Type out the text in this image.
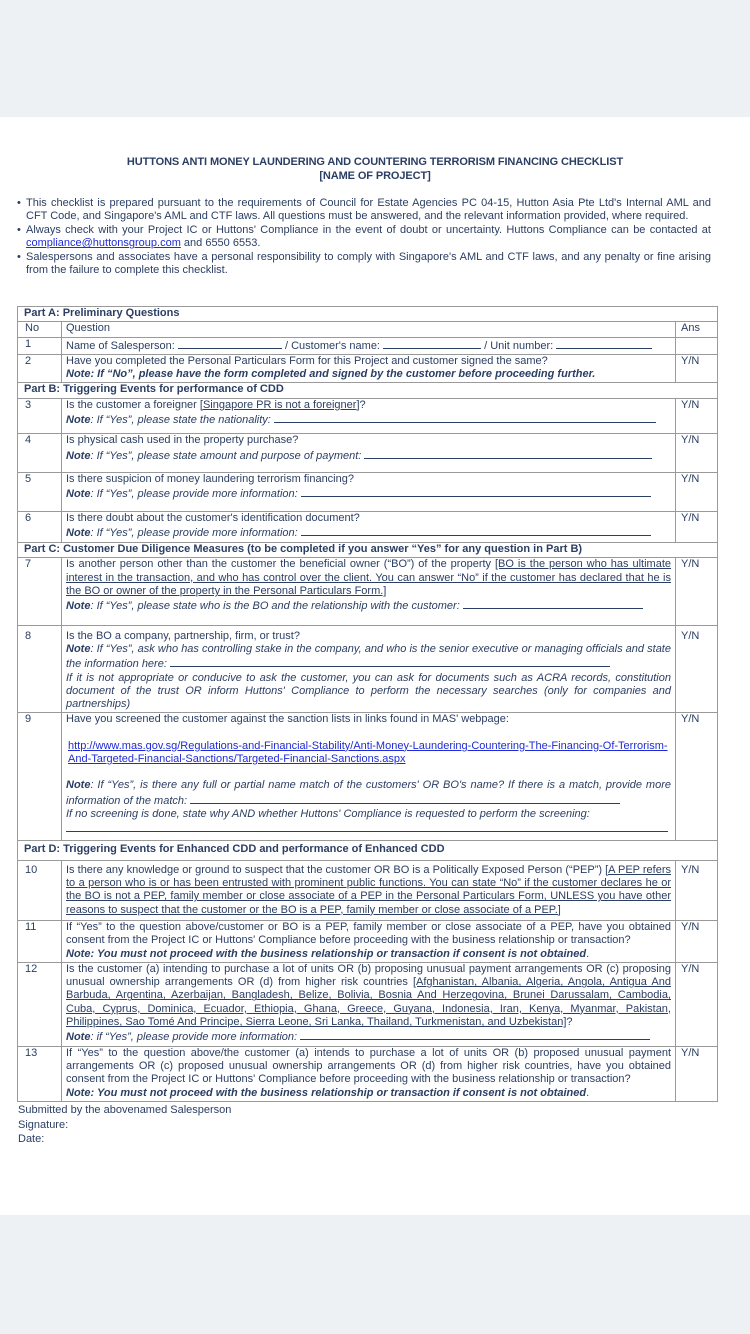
HUTTONS ANTI MONEY LAUNDERING AND COUNTERING TERRORISM FINANCING CHECKLIST
[NAME OF PROJECT]
• This checklist is prepared pursuant to the requirements of Council for Estate Agencies PC 04-15, Hutton Asia Pte Ltd's Internal AML and CFT Code, and Singapore's AML and CTF laws. All questions must be answered, and the relevant information provided, where required.
• Always check with your Project IC or Huttons' Compliance in the event of doubt or uncertainty. Huttons Compliance can be contacted at compliance@huttonsgroup.com and 6550 6553.
• Salespersons and associates have a personal responsibility to comply with Singapore's AML and CTF laws, and any penalty or fine arising from the failure to complete this checklist.
Part A: Preliminary Questions		
No	Question	Ans
1	Name of Salesperson: / Customer's name: / Unit number:	
2	Have you completed the Personal Particulars Form for this Project and customer signed the same?
Note: If “No”, please have the form completed and signed by the customer before proceeding further.	Y/N
Part B: Triggering Events for performance of CDD		
3	Is the customer a foreigner [Singapore PR is not a foreigner]?
Note: If “Yes”, please state the nationality:	Y/N
4	Is physical cash used in the property purchase?
Note: If “Yes”, please state amount and purpose of payment:	Y/N
5	Is there suspicion of money laundering terrorism financing?
Note: If “Yes”, please provide more information:	Y/N
6	Is there doubt about the customer's identification document?
Note: If “Yes”, please provide more information:	Y/N
Part C: Customer Due Diligence Measures (to be completed if you answer “Yes” for any question in Part B)		
7	Is another person other than the customer the beneficial owner (“BO”) of the property [BO is the person who has ultimate interest in the transaction, and who has control over the client. You can answer “No” if the customer has declared that he is the BO or owner of the property in the Personal Particulars Form.]
Note: If “Yes”, please state who is the BO and the relationship with the customer:	Y/N
8	Is the BO a company, partnership, firm, or trust?
Note: If “Yes”, ask who has controlling stake in the company, and who is the senior executive or managing officials and state the information here:
If it is not appropriate or conducive to ask the customer, you can ask for documents such as ACRA records, constitution document of the trust OR inform Huttons' Compliance to perform the necessary searches (only for companies and partnerships)	Y/N
9	Have you screened the customer against the sanction lists in links found in MAS' webpage:
http://www.mas.gov.sg/Regulations-and-Financial-Stability/Anti-Money-Laundering-Countering-The-Financing-Of-Terrorism-And-Targeted-Financial-Sanctions/Targeted-Financial-Sanctions.aspx
Note: If “Yes”, is there any full or partial name match of the customers' OR BO's name? If there is a match, provide more information of the match:
If no screening is done, state why AND whether Huttons' Compliance is requested to perform the screening:	Y/N
Part D: Triggering Events for Enhanced CDD and performance of Enhanced CDD		
10	Is there any knowledge or ground to suspect that the customer OR BO is a Politically Exposed Person (“PEP”) [A PEP refers to a person who is or has been entrusted with prominent public functions. You can state “No” if the customer declares he or the BO is not a PEP, family member or close associate of a PEP in the Personal Particulars Form, UNLESS you have other reasons to suspect that the customer or the BO is a PEP, family member or close associate of a PEP.]	Y/N
11	If “Yes” to the question above/customer or BO is a PEP, family member or close associate of a PEP, have you obtained consent from the Project IC or Huttons' Compliance before proceeding with the business relationship or transaction?
Note: You must not proceed with the business relationship or transaction if consent is not obtained.	Y/N
12	Is the customer (a) intending to purchase a lot of units OR (b) proposing unusual payment arrangements OR (c) proposing unusual ownership arrangements OR (d) from higher risk countries [Afghanistan, Albania, Algeria, Angola, Antigua And Barbuda, Argentina, Azerbaijan, Bangladesh, Belize, Bolivia, Bosnia And Herzegovina, Brunei Darussalam, Cambodia, Cuba, Cyprus, Dominica, Ecuador, Ethiopia, Ghana, Greece, Guyana, Indonesia, Iran, Kenya, Myanmar, Pakistan, Philippines, Sao Tomé And Principe, Sierra Leone, Sri Lanka, Thailand, Turkmenistan, and Uzbekistan]?
Note: if “Yes”, please provide more information:	Y/N
13	If “Yes” to the question above/the customer (a) intends to purchase a lot of units OR (b) proposed unusual payment arrangements OR (c) proposed unusual ownership arrangements OR (d) from higher risk countries, have you obtained consent from the Project IC or Huttons' Compliance before proceeding with the business relationship or transaction?
Note: You must not proceed with the business relationship or transaction if consent is not obtained.	Y/N
Submitted by the abovenamed Salesperson
Signature:
Date:
